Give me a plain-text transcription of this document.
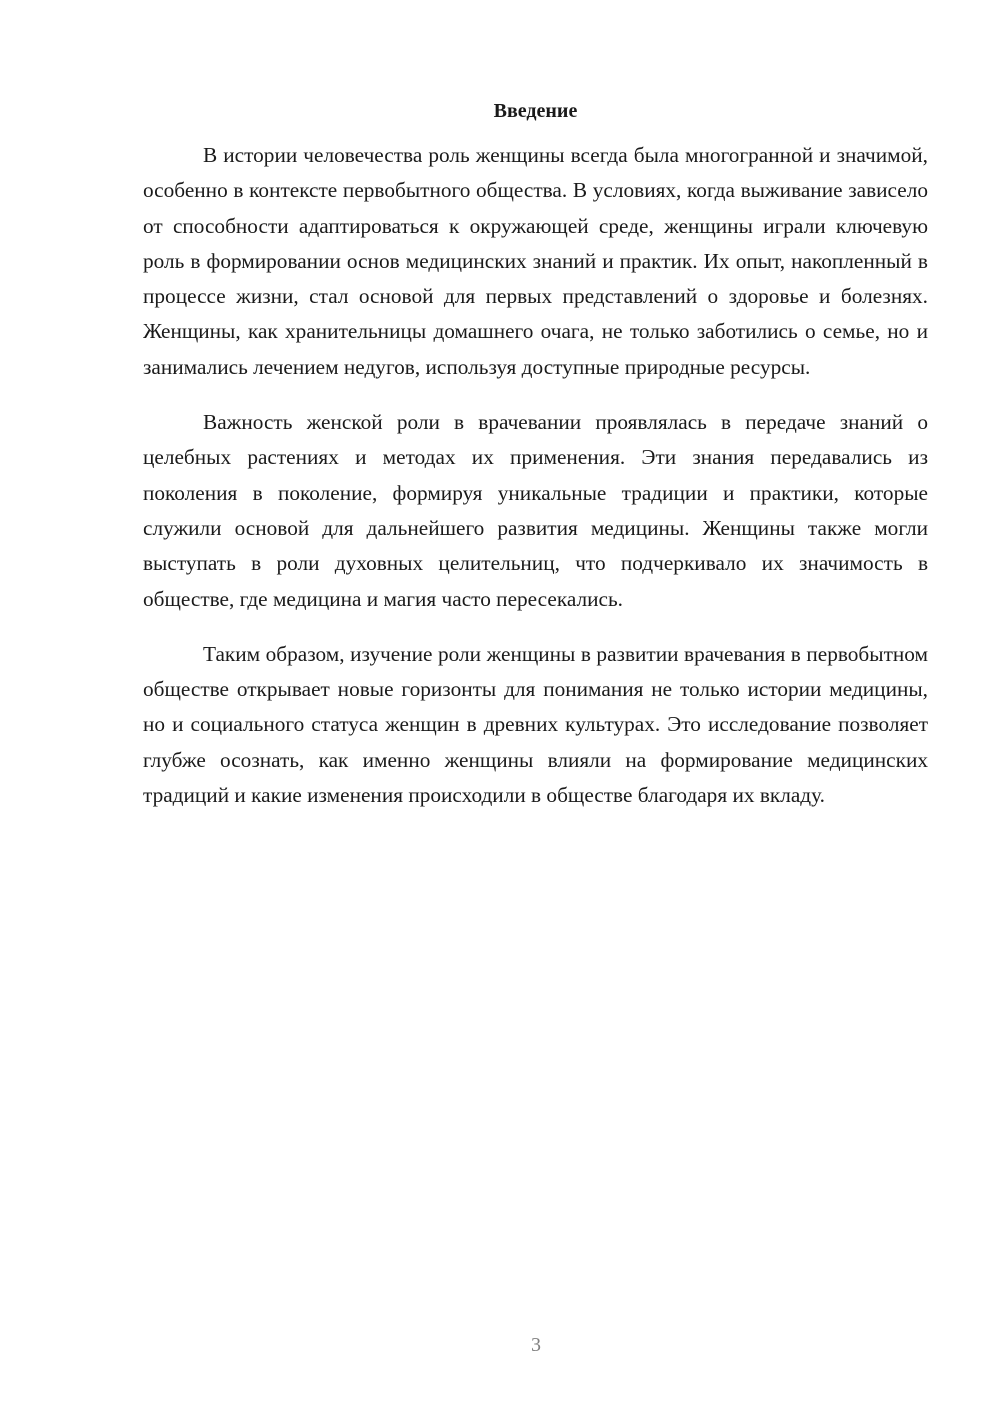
Введение

В истории человечества роль женщины всегда была многогранной и значимой, особенно в контексте первобытного общества. В условиях, когда выживание зависело от способности адаптироваться к окружающей среде, женщины играли ключевую роль в формировании основ медицинских знаний и практик. Их опыт, накопленный в процессе жизни, стал основой для первых представлений о здоровье и болезнях. Женщины, как хранительницы домашнего очага, не только заботились о семье, но и занимались лечением недугов, используя доступные природные ресурсы.

Важность женской роли в врачевании проявлялась в передаче знаний о целебных растениях и методах их применения. Эти знания передавались из поколения в поколение, формируя уникальные традиции и практики, которые служили основой для дальнейшего развития медицины. Женщины также могли выступать в роли духовных целительниц, что подчеркивало их значимость в обществе, где медицина и магия часто пересекались.

Таким образом, изучение роли женщины в развитии врачевания в первобытном обществе открывает новые горизонты для понимания не только истории медицины, но и социального статуса женщин в древних культурах. Это исследование позволяет глубже осознать, как именно женщины влияли на формирование медицинских традиций и какие изменения происходили в обществе благодаря их вкладу.

3
